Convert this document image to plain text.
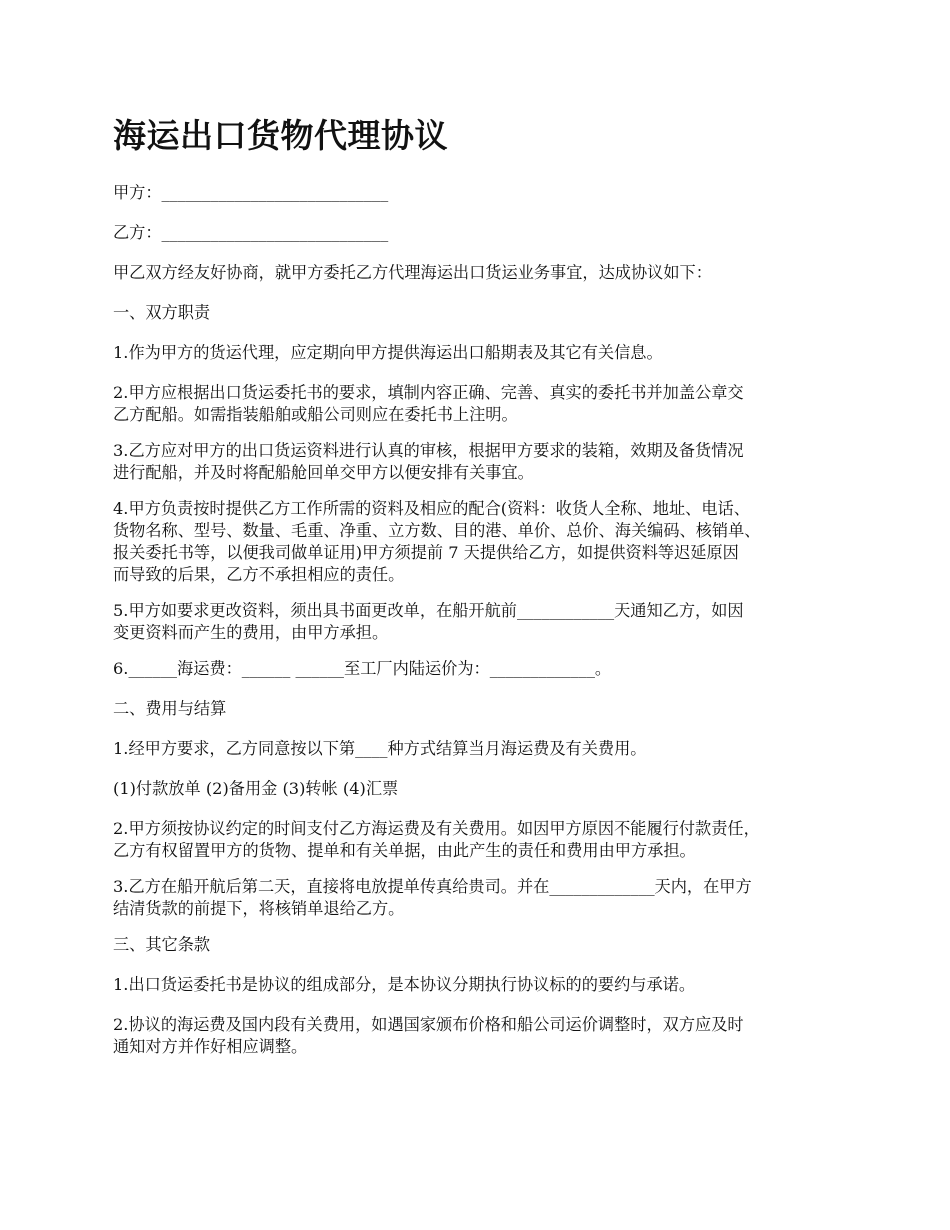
海运出口货物代理协议

甲方：____________________________

乙方：____________________________

甲乙双方经友好协商，就甲方委托乙方代理海运出口货运业务事宜，达成协议如下：

一、双方职责

1.作为甲方的货运代理，应定期向甲方提供海运出口船期表及其它有关信息。

2.甲方应根据出口货运委托书的要求，填制内容正确、完善、真实的委托书并加盖公章交
乙方配船。如需指装船舶或船公司则应在委托书上注明。

3.乙方应对甲方的出口货运资料进行认真的审核，根据甲方要求的装箱，效期及备货情况
进行配船，并及时将配船舱回单交甲方以便安排有关事宜。

4.甲方负责按时提供乙方工作所需的资料及相应的配合(资料：收货人全称、地址、电话、
货物名称、型号、数量、毛重、净重、立方数、目的港、单价、总价、海关编码、核销单、
报关委托书等，以便我司做单证用)甲方须提前 7 天提供给乙方，如提供资料等迟延原因
而导致的后果，乙方不承担相应的责任。

5.甲方如要求更改资料，须出具书面更改单，在船开航前____________天通知乙方，如因
变更资料而产生的费用，由甲方承担。

6.______海运费：______ ______至工厂内陆运价为：_____________。

二、费用与结算

1.经甲方要求，乙方同意按以下第____种方式结算当月海运费及有关费用。

(1)付款放单 (2)备用金 (3)转帐 (4)汇票

2.甲方须按协议约定的时间支付乙方海运费及有关费用。如因甲方原因不能履行付款责任，
乙方有权留置甲方的货物、提单和有关单据，由此产生的责任和费用由甲方承担。

3.乙方在船开航后第二天，直接将电放提单传真给贵司。并在_____________天内，在甲方
结清货款的前提下，将核销单退给乙方。

三、其它条款

1.出口货运委托书是协议的组成部分，是本协议分期执行协议标的的要约与承诺。

2.协议的海运费及国内段有关费用，如遇国家颁布价格和船公司运价调整时，双方应及时
通知对方并作好相应调整。
